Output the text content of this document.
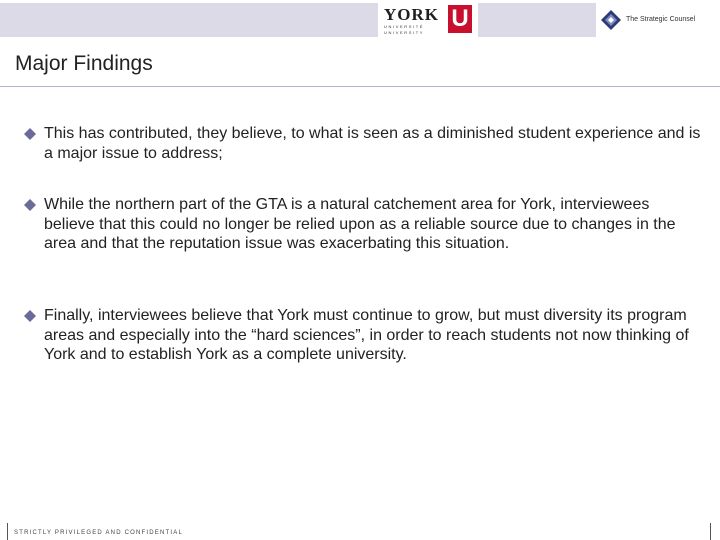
YORK
UNIVERSITÉ
UNIVERSITY
U	The Strategic Counsel
Major Findings

This has contributed, they believe, to what is seen as a diminished student experience and is a major issue to address;

While the northern part of the GTA is a natural catchement area for York, interviewees believe that this could no longer be relied upon as a reliable source due to changes in the area and that the reputation issue was exacerbating this situation.

Finally, interviewees believe that York must continue to grow, but must diversity its program areas and especially into the “hard sciences”, in order to reach students not now thinking of York and to establish York as a complete university.

STRICTLY PRIVILEGED AND CONFIDENTIAL
